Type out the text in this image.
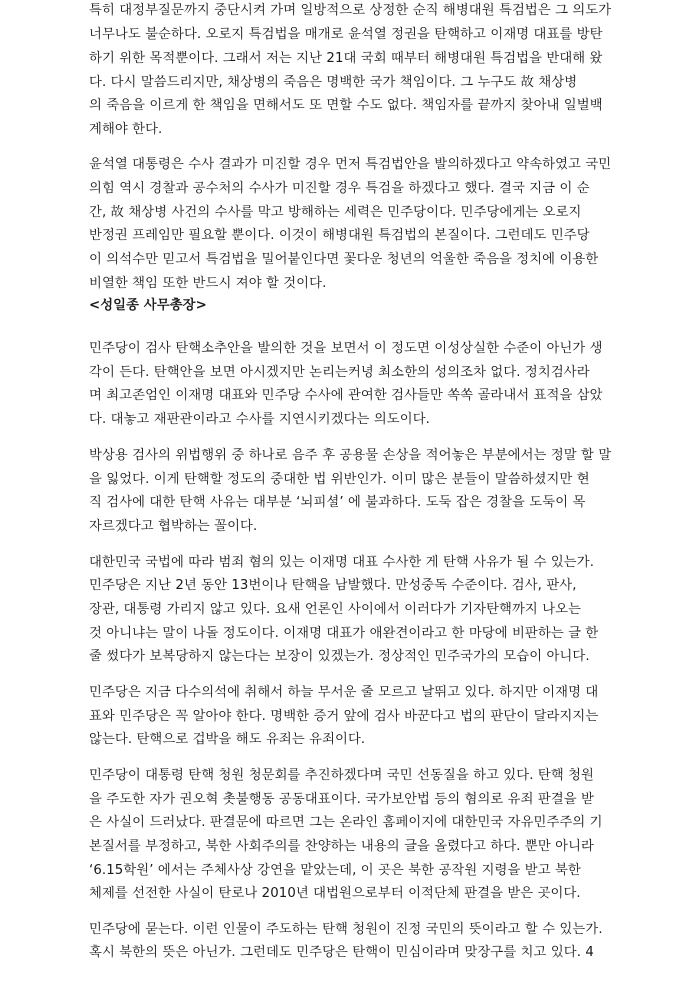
특히 대정부질문까지 중단시켜 가며 일방적으로 상정한 순직 해병대원 특검법은 그 의도가
너무나도 불순하다. 오로지 특검법을 매개로 윤석열 정권을 탄핵하고 이재명 대표를 방탄
하기 위한 목적뿐이다. 그래서 저는 지난 21대 국회 때부터 해병대원 특검법을 반대해 왔
다. 다시 말씀드리지만, 채상병의 죽음은 명백한 국가 책임이다. 그 누구도 故 채상병
의 죽음을 이르게 한 책임을 면해서도 또 면할 수도 없다. 책임자를 끝까지 찾아내 일벌백
계해야 한다.
윤석열 대통령은 수사 결과가 미진할 경우 먼저 특검법안을 발의하겠다고 약속하였고 국민
의힘 역시 경찰과 공수처의 수사가 미진할 경우 특검을 하겠다고 했다. 결국 지금 이 순
간, 故 채상병 사건의 수사를 막고 방해하는 세력은 민주당이다. 민주당에게는 오로지
반정권 프레임만 필요할 뿐이다. 이것이 해병대원 특검법의 본질이다. 그런데도 민주당
이 의석수만 믿고서 특검법을 밀어붙인다면 꽃다운 청년의 억울한 죽음을 정치에 이용한
비열한 책임 또한 반드시 져야 할 것이다.
<성일종 사무총장>
민주당이 검사 탄핵소추안을 발의한 것을 보면서 이 정도면 이성상실한 수준이 아닌가 생
각이 든다. 탄핵안을 보면 아시겠지만 논리는커녕 최소한의 성의조차 없다. 정치검사라
며 최고존엄인 이재명 대표와 민주당 수사에 관여한 검사들만 쏙쏙 골라내서 표적을 삼았
다. 대놓고 재판관이라고 수사를 지연시키겠다는 의도이다.
박상용 검사의 위법행위 중 하나로 음주 후 공용물 손상을 적어놓은 부분에서는 정말 할 말
을 잃었다. 이게 탄핵할 정도의 중대한 법 위반인가. 이미 많은 분들이 말씀하셨지만 현
직 검사에 대한 탄핵 사유는 대부분 ‘뇌피셜’ 에 불과하다. 도둑 잡은 경찰을 도둑이 목
자르겠다고 협박하는 꼴이다.
대한민국 국법에 따라 범죄 혐의 있는 이재명 대표 수사한 게 탄핵 사유가 될 수 있는가.
민주당은 지난 2년 동안 13번이나 탄핵을 남발했다. 만성중독 수준이다. 검사, 판사,
장관, 대통령 가리지 않고 있다. 요새 언론인 사이에서 이러다가 기자탄핵까지 나오는
것 아니냐는 말이 나돌 정도이다. 이재명 대표가 애완견이라고 한 마당에 비판하는 글 한
줄 썼다가 보복당하지 않는다는 보장이 있겠는가. 정상적인 민주국가의 모습이 아니다.
민주당은 지금 다수의석에 취해서 하늘 무서운 줄 모르고 날뛰고 있다. 하지만 이재명 대
표와 민주당은 꼭 알아야 한다. 명백한 증거 앞에 검사 바꾼다고 법의 판단이 달라지지는
않는다. 탄핵으로 겁박을 해도 유죄는 유죄이다.
민주당이 대통령 탄핵 청원 청문회를 추진하겠다며 국민 선동질을 하고 있다. 탄핵 청원
을 주도한 자가 권오혁 촛불행동 공동대표이다. 국가보안법 등의 혐의로 유죄 판결을 받
은 사실이 드러났다. 판결문에 따르면 그는 온라인 홈페이지에 대한민국 자유민주주의 기
본질서를 부정하고, 북한 사회주의를 찬양하는 내용의 글을 올렸다고 하다. 뿐만 아니라
‘6.15학원’ 에서는 주체사상 강연을 맡았는데, 이 곳은 북한 공작원 지령을 받고 북한
체제를 선전한 사실이 탄로나 2010년 대법원으로부터 이적단체 판결을 받은 곳이다.
민주당에 묻는다. 이런 인물이 주도하는 탄핵 청원이 진정 국민의 뜻이라고 할 수 있는가.
혹시 북한의 뜻은 아닌가. 그런데도 민주당은 탄핵이 민심이라며 맞장구를 치고 있다. 4
